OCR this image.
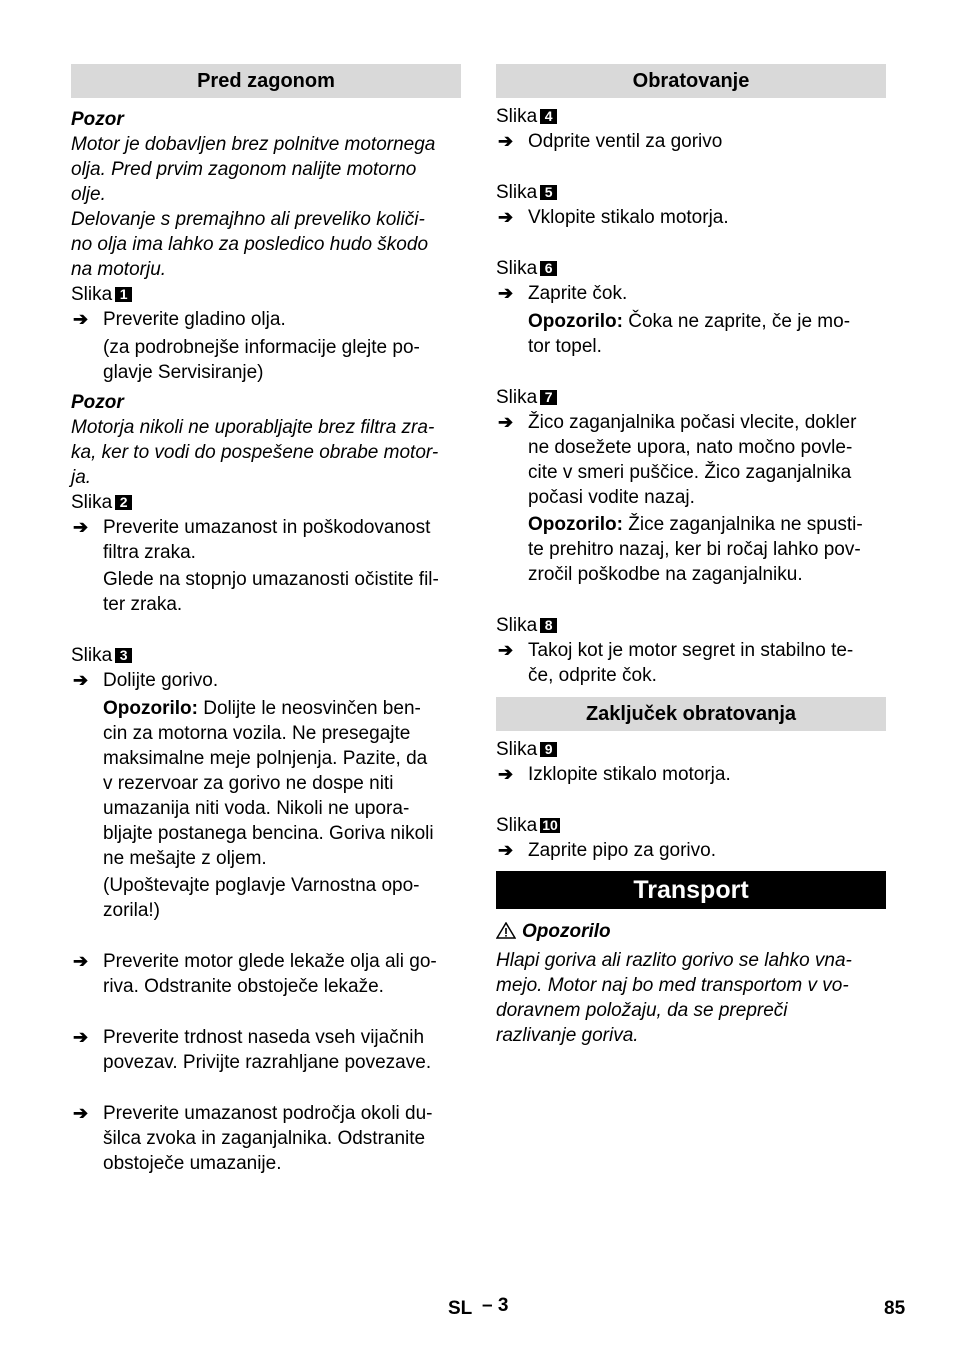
Pred zagonom
Pozor
Motor je dobavljen brez polnitve motornega
olja. Pred prvim zagonom nalijte motorno
olje.
Delovanje s premajhno ali preveliko količi-
no olja ima lahko za posledico hudo škodo
na motorju.
Slika 1
➔ Preverite gladino olja.
(za podrobnejše informacije glejte po-
glavje Servisiranje)
Pozor
Motorja nikoli ne uporabljajte brez filtra zra-
ka, ker to vodi do pospešene obrabe motor-
ja.
Slika 2
➔ Preverite umazanost in poškodovanost
filtra zraka.
Glede na stopnjo umazanosti očistite fil-
ter zraka.
Slika 3
➔ Dolijte gorivo.
Opozorilo: Dolijte le neosvinčen ben-
cin za motorna vozila. Ne presegajte
maksimalne meje polnjenja. Pazite, da
v rezervoar za gorivo ne dospe niti
umazanija niti voda. Nikoli ne upora-
bljajte postanega bencina. Goriva nikoli
ne mešajte z oljem.
(Upoštevajte poglavje Varnostna opo-
zorila!)
➔ Preverite motor glede lekaže olja ali go-
riva. Odstranite obstoječe lekaže.
➔ Preverite trdnost naseda vseh vijačnih
povezav. Privijte razrahljane povezave.
➔ Preverite umazanost področja okoli du-
šilca zvoka in zaganjalnika. Odstranite
obstoječe umazanije.
Obratovanje
Slika 4
➔ Odprite ventil za gorivo
Slika 5
➔ Vklopite stikalo motorja.
Slika 6
➔ Zaprite čok.
Opozorilo: Čoka ne zaprite, če je mo-
tor topel.
Slika 7
➔ Žico zaganjalnika počasi vlecite, dokler
ne dosežete upora, nato močno povle-
cite v smeri puščice. Žico zaganjalnika
počasi vodite nazaj.
Opozorilo: Žice zaganjalnika ne spusti-
te prehitro nazaj, ker bi ročaj lahko pov-
zročil poškodbe na zaganjalniku.
Slika 8
➔ Takoj kot je motor segret in stabilno te-
če, odprite čok.
Zaključek obratovanja
Slika 9
➔ Izklopite stikalo motorja.
Slika 10
➔ Zaprite pipo za gorivo.
Transport
Opozorilo
Hlapi goriva ali razlito gorivo se lahko vna-
mejo. Motor naj bo med transportom v vo-
doravnem položaju, da se prepreči
razlivanje goriva.
SL – 3	85
